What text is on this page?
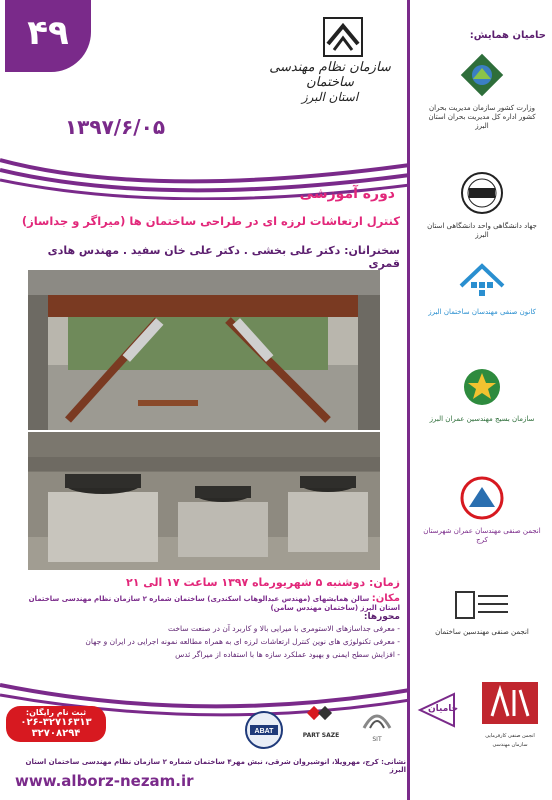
۴۹
سازمان نظام مهندسی ساختمان
استان البرز
۱۳۹۷/۶/۰۵
دوره آموزشی
کنترل ارتعاشات لرزه ای در طراحی ساختمان ها (میراگر و جداساز)
سخنرانان: دکتر علی بخشی . دکتر علی خان سفید . مهندس هادی قمری
زمان: دوشنبه ۵ شهریورماه ۱۳۹۷ ساعت ۱۷ الی ۲۱
مکان: سالن همایشهای (مهندس عبدالوهاب اسکندری) ساختمان شماره ۲ سازمان نظام مهندسی ساختمان استان البرز (ساختمان مهندس سامن)
محورها:
- معرفی جداسازهای الاستومری با میرایی بالا و کاربرد آن در صنعت ساخت
- معرفی تکنولوژی های نوین کنترل ارتعاشات لرزه ای به همراه مطالعه نمونه اجرایی در ایران و جهان
- افزایش سطح ایمنی و بهبود عملکرد سازه ها با استفاده از میراگر ثدس
ثبت نام رایگان:
۰۲۶-۳۲۷۱۶۳۱۳
۳۲۷۰۸۲۹۴	ABAT
PART SAZE
SIT
نشانی: کرج، مهرویلا، انوشیروان شرقی، نبش مهر۴ ساختمان شماره ۲ سازمان نظام مهندسی ساختمان استان البرز
www.alborz-nezam.ir
حامیان همایش:
وزارت کشور سازمان مدیریت بحران کشور اداره کل مدیریت بحران استان البرز
جهاد دانشگاهی واحد دانشگاهی استان البرز
کانون صنفی مهندسان ساختمان البرز
سازمان بسیج مهندسین عمران البرز
انجمن صنفی مهندسان عمران شهرستان کرج
انجمن صنفی مهندسین ساختمان
حامیان
انجمن صنفی کارفرمایی سازمان مهندسی
